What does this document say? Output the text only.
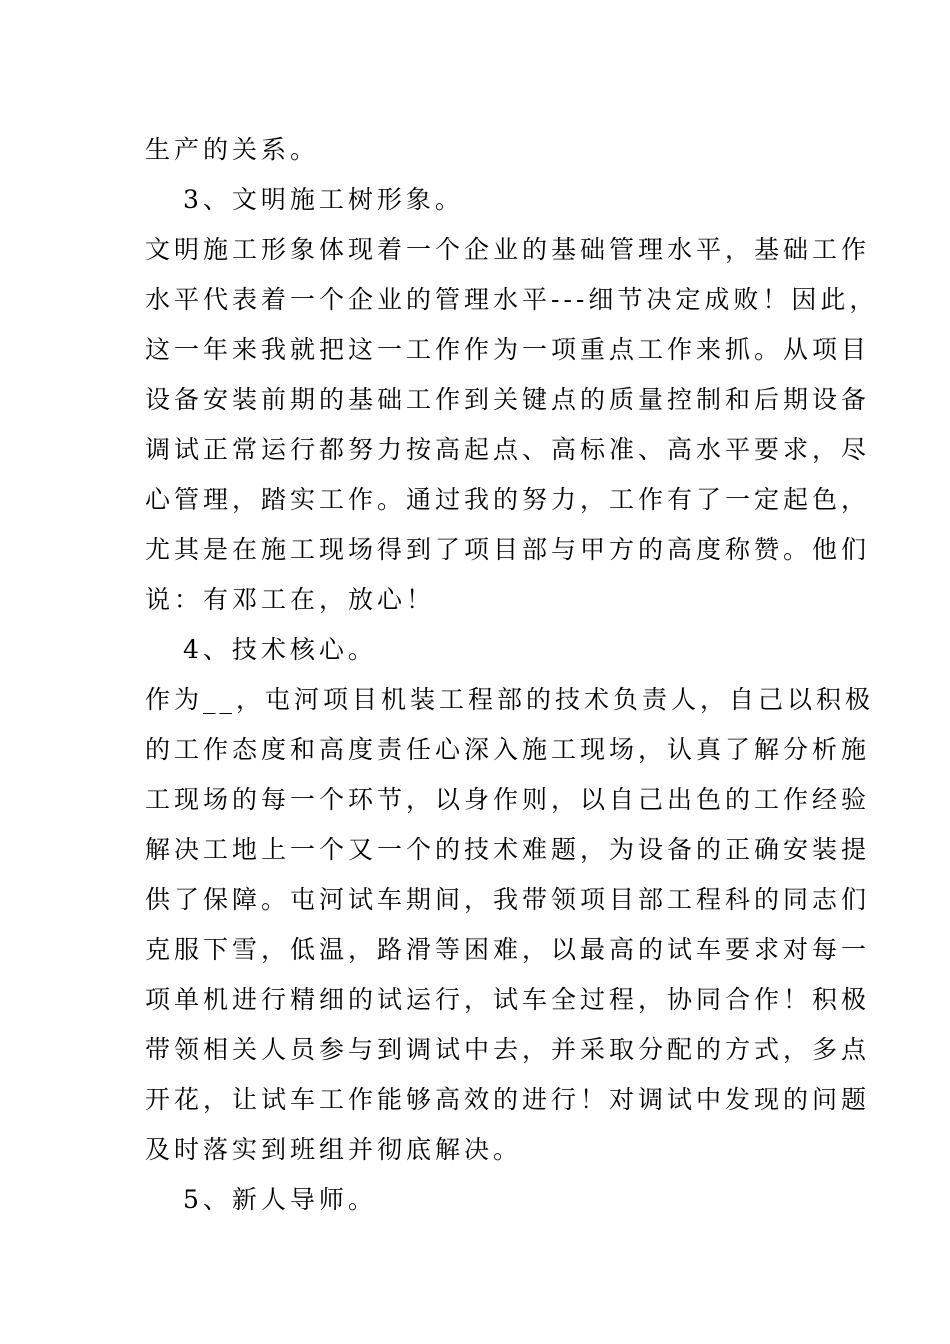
生产的关系。

3、文明施工树形象。

文明施工形象体现着一个企业的基础管理水平，基础工作

水平代表着一个企业的管理水平---细节决定成败！因此，

这一年来我就把这一工作作为一项重点工作来抓。从项目

设备安装前期的基础工作到关键点的质量控制和后期设备

调试正常运行都努力按高起点、高标准、高水平要求，尽

心管理，踏实工作。通过我的努力，工作有了一定起色，

尤其是在施工现场得到了项目部与甲方的高度称赞。他们

说：有邓工在，放心！

4、技术核心。

作为__，屯河项目机装工程部的技术负责人，自己以积极

的工作态度和高度责任心深入施工现场，认真了解分析施

工现场的每一个环节，以身作则，以自己出色的工作经验

解决工地上一个又一个的技术难题，为设备的正确安装提

供了保障。屯河试车期间，我带领项目部工程科的同志们

克服下雪，低温，路滑等困难，以最高的试车要求对每一

项单机进行精细的试运行，试车全过程，协同合作！积极

带领相关人员参与到调试中去，并采取分配的方式，多点

开花，让试车工作能够高效的进行！对调试中发现的问题

及时落实到班组并彻底解决。

5、新人导师。
